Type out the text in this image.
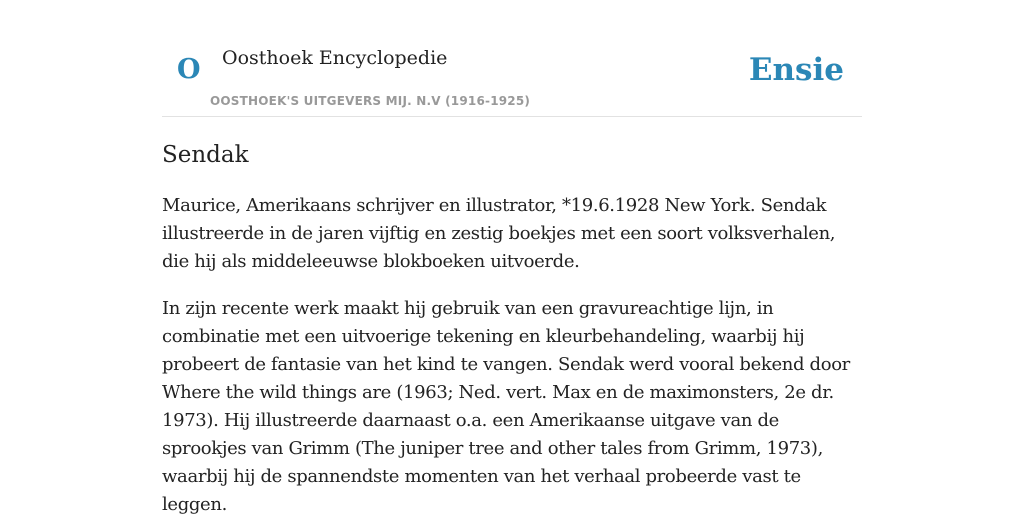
O Oosthoek Encyclopedie
OOSTHOEK'S UITGEVERS MIJ. N.V (1916-1925)
Ensie
Sendak

Maurice, Amerikaans schrijver en illustrator, *19.6.1928 New York. Sendak illustreerde in de jaren vijftig en zestig boekjes met een soort volksverhalen, die hij als middeleeuwse blokboeken uitvoerde.

In zijn recente werk maakt hij gebruik van een gravureachtige lijn, in combinatie met een uitvoerige tekening en kleurbehandeling, waarbij hij probeert de fantasie van het kind te vangen. Sendak werd vooral bekend door Where the wild things are (1963; Ned. vert. Max en de maximonsters, 2e dr. 1973). Hij illustreerde daarnaast o.a. een Amerikaanse uitgave van de sprookjes van Grimm (The juniper tree and other tales from Grimm, 1973), waarbij hij de spannendste momenten van het verhaal probeerde vast te leggen.
